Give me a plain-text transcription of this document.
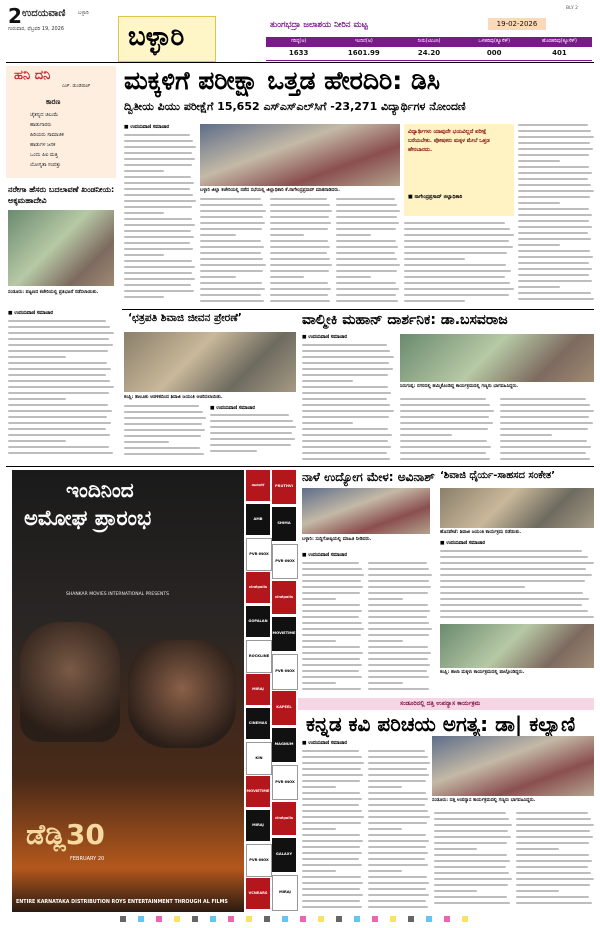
2 ಉದಯವಾಣಿ	ಬಳ್ಳಾರಿ
ಗುರುವಾರ, ಫೆಬ್ರವರಿ 19, 2026 ಬಳ್ಳಾರಿ	ತುಂಗಭದ್ರಾ ಜಲಾಶಯ ನೀರಿನ ಮಟ್ಟ	19-02-2026
BLY 2
ಗರಿಷ್ಠ(ಅ)	ಇಂದಿನ(ಅ)	ನೀರು(ಟಿಎಂಸಿ)	ಒಳಹರಿವು(ಕ್ಯೂಸೆಕ್)	ಹೊರಹರಿವು(ಕ್ಯೂಸೆಕ್)
1633	1601.99	24.20	000	401
ಹನಿ ದನಿ
ಎಚ್. ಡುಂಡಿರಾಜ್
ಕಾರಣ
ಚೈತನ್ಯದ ಚಿಲುಮೆ
ಹಾಡುಗಾರರು
ಹಿರಿಯರು ಸಾಮಾಜಿಕ
ಹಾಡುಗಳ ಜನಕ
ಒಂದು ಪಿಐ ಮತ್ತಿ
ಯೋಗ್ಯತಾ ಸಂಪತ್ತು
ನರೇಗಾ ಹೆಸರು ಬದಲಾವಣೆ ಖಂಡನೀಯ: ಅಕ್ಕಮಹಾದೇವಿ
ಸಂಡೂರು: ಪಟ್ಟಣದ ಕಚೇರಿಯಲ್ಲಿ ಪ್ರತಿಭಟನೆ ನಡೆಸಲಾಯಿತು.
■ ಉದಯವಾಣಿ ಸಮಾಚಾರ
ಮಕ್ಕಳಿಗೆ ಪರೀಕ್ಷಾ ಒತ್ತಡ ಹೇರದಿರಿ: ಡಿಸಿ
ದ್ವಿತೀಯ ಪಿಯು ಪರೀಕ್ಷೆಗೆ 15,652 ಎಸ್ಎಸ್ಎಲ್‌ಸಿಗೆ -23,271 ವಿದ್ಯಾರ್ಥಿಗಳ ನೋಂದಣಿ
■ ಉದಯವಾಣಿ ಸಮಾಚಾರ
ಬಳ್ಳಾರಿ ಜಿಲ್ಲಾ ಕಚೇರಿಯಲ್ಲಿ ನಡೆದ ಸಭೆಯಲ್ಲಿ ಜಿಲ್ಲಾಧಿಕಾರಿ ಕೆ.ನಾಗೇಂದ್ರಪ್ರಸಾದ್ ಮಾತನಾಡಿದರು.
ವಿದ್ಯಾರ್ಥಿಗಳು ಯಾವುದೇ ಭಯವಿಲ್ಲದೆ ಪರೀಕ್ಷೆ ಬರೆಯಬೇಕು. ಪೋಷಕರು ಮಕ್ಕಳ ಮೇಲೆ ಒತ್ತಡ ಹೇರಬಾರದು.
■ ನಾಗೇಂದ್ರಪ್ರಸಾದ್ ಜಿಲ್ಲಾಧಿಕಾರಿ
‘ಛತ್ರಪತಿ ಶಿವಾಜಿ ಜೀವನ ಪ್ರೇರಣೆ’
ಕಂಪ್ಲಿ: ತಾಲೂಕು ಆಡಳಿತದಿಂದ ಶಿವಾಜಿ ಜಯಂತಿ ಆಚರಿಸಲಾಯಿತು.
■ ಉದಯವಾಣಿ ಸಮಾಚಾರ
ವಾಲ್ಮೀಕಿ ಮಹಾನ್‌ ದಾರ್ಶನಿಕ: ಡಾ.ಬಸವರಾಜ
■ ಉದಯವಾಣಿ ಸಮಾಚಾರ
ಸಿರುಗುಪ್ಪ: ನಗರದಲ್ಲಿ ಹಮ್ಮಿಕೊಂಡಿದ್ದ ಕಾರ್ಯಕ್ರಮದಲ್ಲಿ ಗಣ್ಯರು ಭಾಗವಹಿಸಿದ್ದರು.
ಇಂದಿನಿಂದ
ಅಮೋಘ ಪ್ರಾರಂಭ
SHANKAR MOVIES INTERNATIONAL PRESENTS
ಡೆಡ್ಲಿ30
FEBRUARY 20
ENTIRE KARNATAKA DISTRIBUTION ROYS ENTERTAINMENT THROUGH AL FILMS
ನಾಳೆ ಉದ್ಯೋಗ ಮೇಳ: ಅವಿನಾಶ್
ಬಳ್ಳಾರಿ: ಸುದ್ದಿಗೋಷ್ಠಿಯಲ್ಲಿ ಮಾಹಿತಿ ನೀಡಿದರು.
■ ಉದಯವಾಣಿ ಸಮಾಚಾರ
‘ಶಿವಾಜಿ ಧೈರ್ಯ-ಸಾಹಸದ ಸಂಕೇತ’
ಹೊಸಪೇಟೆ: ಶಿವಾಜಿ ಜಯಂತಿ ಕಾರ್ಯಕ್ರಮ ನಡೆಯಿತು.
■ ಉದಯವಾಣಿ ಸಮಾಚಾರ
ಕಂಪ್ಲಿ: ಶಾಲಾ ಮಕ್ಕಳು ಕಾರ್ಯಕ್ರಮದಲ್ಲಿ ಪಾಲ್ಗೊಂಡಿದ್ದರು.
ಸಂಡೂರಿನಲ್ಲಿ ದತ್ತಿ ಉಪನ್ಯಾಸ ಕಾರ್ಯಕ್ರಮ
ಕನ್ನಡ ಕವಿ ಪರಿಚಯ ಅಗತ್ಯ: ಡಾ| ಕಲ್ಯಾಣಿ
ಸಂಡೂರು: ದತ್ತಿ ಉಪನ್ಯಾಸ ಕಾರ್ಯಕ್ರಮದಲ್ಲಿ ಗಣ್ಯರು ಭಾಗವಹಿಸಿದ್ದರು.
■ ಉದಯವಾಣಿ ಸಮಾಚಾರ
ದಾವಣಗೆರೆ
AMB
PVR·INOX
cinépolis
GOPALAN
ROCKLINE
MIRAJ
CINEMAS
KIN
MOVIETIME
MIRAJ
PVR·INOX
VCNEARS
PRUTHVI
SHIMA
PVR·INOX
cinépolis
MOVIETIME
PVR·INOX
KAPEEL
MAGNUM
PVR·INOX
cinépolis
GALAXY
MIRAJ
